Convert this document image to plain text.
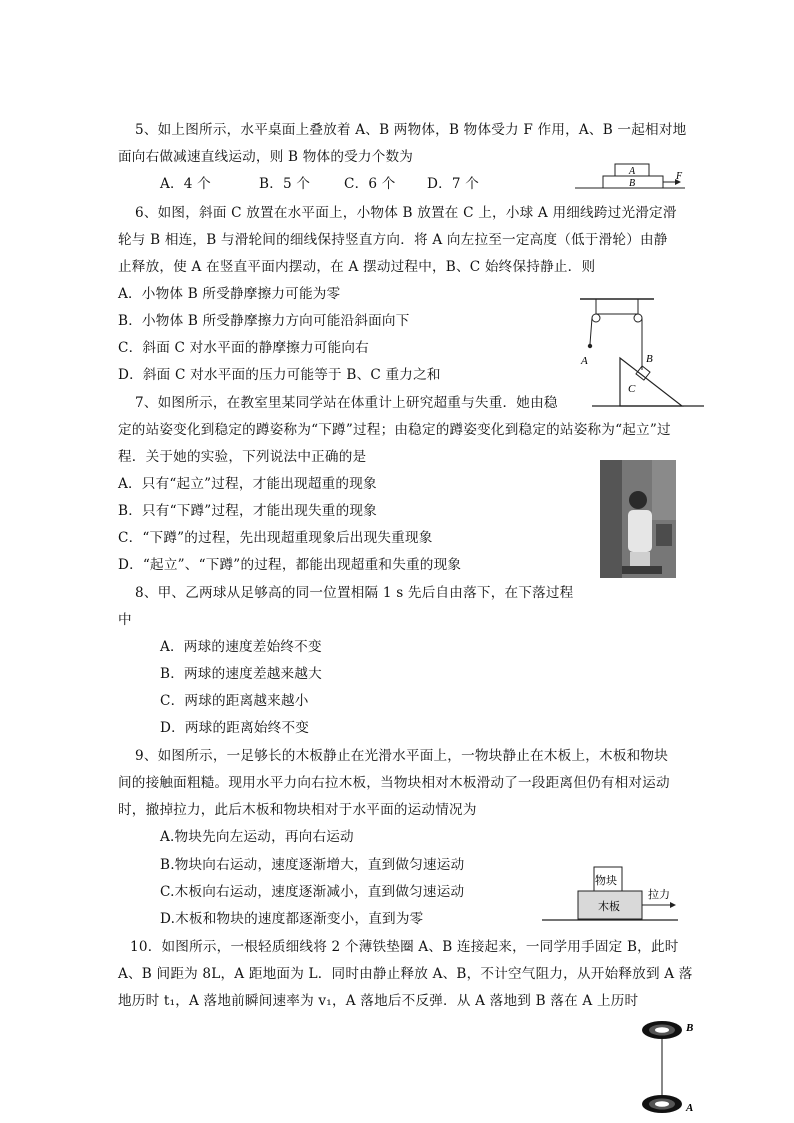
5、如上图所示，水平桌面上叠放着 A、B 两物体，B 物体受力 F 作用，A、B 一起相对地
面向右做减速直线运动，则 B 物体的受力个数为
A．4 个	B．5 个 C．6 个 D．7 个
A
B
F
6、如图，斜面 C 放置在水平面上，小物体 B 放置在 C 上，小球 A 用细线跨过光滑定滑
轮与 B 相连，B 与滑轮间的细线保持竖直方向．将 A 向左拉至一定高度（低于滑轮）由静
止释放，使 A 在竖直平面内摆动，在 A 摆动过程中，B、C 始终保持静止．则
A．小物体 B 所受静摩擦力可能为零
B．小物体 B 所受静摩擦力方向可能沿斜面向下
C．斜面 C 对水平面的静摩擦力可能向右
D．斜面 C 对水平面的压力可能等于 B、C 重力之和
A	B
C
7、如图所示，在教室里某同学站在体重计上研究超重与失重．她由稳
定的站姿变化到稳定的蹲姿称为“下蹲”过程；由稳定的蹲姿变化到稳定的站姿称为“起立”过
程．关于她的实验，下列说法中正确的是
A．只有“起立”过程，才能出现超重的现象
B．只有“下蹲”过程，才能出现失重的现象
C．“下蹲”的过程，先出现超重现象后出现失重现象
D．“起立”、“下蹲”的过程，都能出现超重和失重的现象
8、甲、乙两球从足够高的同一位置相隔 1 s 先后自由落下，在下落过程
中
A．两球的速度差始终不变
B．两球的速度差越来越大
C．两球的距离越来越小
D．两球的距离始终不变
9、如图所示，一足够长的木板静止在光滑水平面上，一物块静止在木板上，木板和物块
间的接触面粗糙。现用水平力向右拉木板，当物块相对木板滑动了一段距离但仍有相对运动
时，撤掉拉力，此后木板和物块相对于水平面的运动情况为
A.物块先向左运动，再向右运动
B.物块向右运动，速度逐渐增大，直到做匀速运动
C.木板向右运动，速度逐渐减小，直到做匀速运动
D.木板和物块的速度都逐渐变小，直到为零
物块
木板
拉力
10．如图所示，一根轻质细线将 2 个薄铁垫圈 A、B 连接起来，一同学用手固定 B，此时
A、B 间距为 8L，A 距地面为 L．同时由静止释放 A、B，不计空气阻力，从开始释放到 A 落
地历时 t₁，A 落地前瞬间速率为 v₁，A 落地后不反弹．从 A 落地到 B 落在 A 上历时
B
A
